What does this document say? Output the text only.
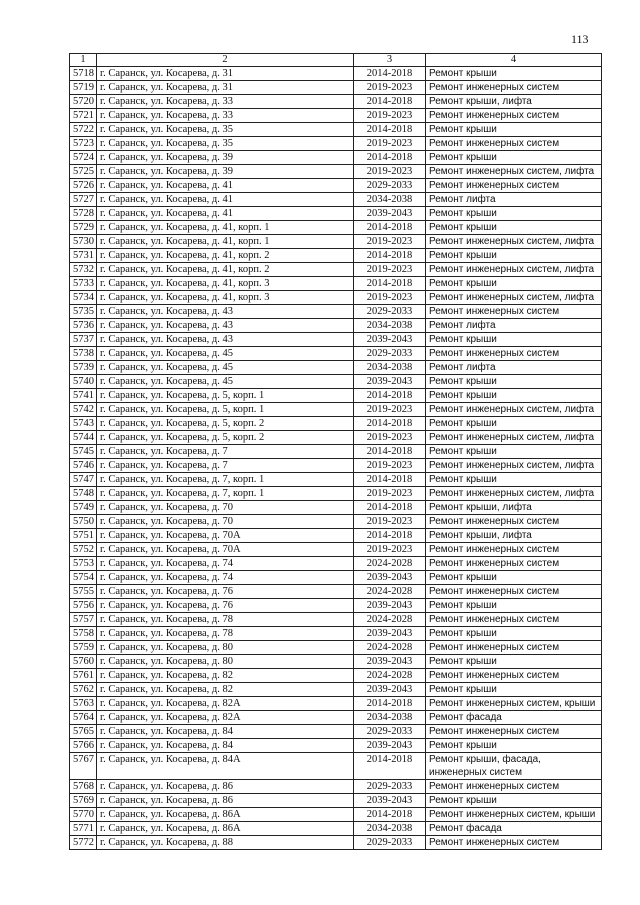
113
1	2	3	4
5718	г. Саранск, ул. Косарева, д. 31	2014-2018	Ремонт крыши
5719	г. Саранск, ул. Косарева, д. 31	2019-2023	Ремонт инженерных систем
5720	г. Саранск, ул. Косарева, д. 33	2014-2018	Ремонт крыши, лифта
5721	г. Саранск, ул. Косарева, д. 33	2019-2023	Ремонт инженерных систем
5722	г. Саранск, ул. Косарева, д. 35	2014-2018	Ремонт крыши
5723	г. Саранск, ул. Косарева, д. 35	2019-2023	Ремонт инженерных систем
5724	г. Саранск, ул. Косарева, д. 39	2014-2018	Ремонт крыши
5725	г. Саранск, ул. Косарева, д. 39	2019-2023	Ремонт инженерных систем, лифта
5726	г. Саранск, ул. Косарева, д. 41	2029-2033	Ремонт инженерных систем
5727	г. Саранск, ул. Косарева, д. 41	2034-2038	Ремонт лифта
5728	г. Саранск, ул. Косарева, д. 41	2039-2043	Ремонт крыши
5729	г. Саранск, ул. Косарева, д. 41, корп. 1	2014-2018	Ремонт крыши
5730	г. Саранск, ул. Косарева, д. 41, корп. 1	2019-2023	Ремонт инженерных систем, лифта
5731	г. Саранск, ул. Косарева, д. 41, корп. 2	2014-2018	Ремонт крыши
5732	г. Саранск, ул. Косарева, д. 41, корп. 2	2019-2023	Ремонт инженерных систем, лифта
5733	г. Саранск, ул. Косарева, д. 41, корп. 3	2014-2018	Ремонт крыши
5734	г. Саранск, ул. Косарева, д. 41, корп. 3	2019-2023	Ремонт инженерных систем, лифта
5735	г. Саранск, ул. Косарева, д. 43	2029-2033	Ремонт инженерных систем
5736	г. Саранск, ул. Косарева, д. 43	2034-2038	Ремонт лифта
5737	г. Саранск, ул. Косарева, д. 43	2039-2043	Ремонт крыши
5738	г. Саранск, ул. Косарева, д. 45	2029-2033	Ремонт инженерных систем
5739	г. Саранск, ул. Косарева, д. 45	2034-2038	Ремонт лифта
5740	г. Саранск, ул. Косарева, д. 45	2039-2043	Ремонт крыши
5741	г. Саранск, ул. Косарева, д. 5, корп. 1	2014-2018	Ремонт крыши
5742	г. Саранск, ул. Косарева, д. 5, корп. 1	2019-2023	Ремонт инженерных систем, лифта
5743	г. Саранск, ул. Косарева, д. 5, корп. 2	2014-2018	Ремонт крыши
5744	г. Саранск, ул. Косарева, д. 5, корп. 2	2019-2023	Ремонт инженерных систем, лифта
5745	г. Саранск, ул. Косарева, д. 7	2014-2018	Ремонт крыши
5746	г. Саранск, ул. Косарева, д. 7	2019-2023	Ремонт инженерных систем, лифта
5747	г. Саранск, ул. Косарева, д. 7, корп. 1	2014-2018	Ремонт крыши
5748	г. Саранск, ул. Косарева, д. 7, корп. 1	2019-2023	Ремонт инженерных систем, лифта
5749	г. Саранск, ул. Косарева, д. 70	2014-2018	Ремонт крыши, лифта
5750	г. Саранск, ул. Косарева, д. 70	2019-2023	Ремонт инженерных систем
5751	г. Саранск, ул. Косарева, д. 70А	2014-2018	Ремонт крыши, лифта
5752	г. Саранск, ул. Косарева, д. 70А	2019-2023	Ремонт инженерных систем
5753	г. Саранск, ул. Косарева, д. 74	2024-2028	Ремонт инженерных систем
5754	г. Саранск, ул. Косарева, д. 74	2039-2043	Ремонт крыши
5755	г. Саранск, ул. Косарева, д. 76	2024-2028	Ремонт инженерных систем
5756	г. Саранск, ул. Косарева, д. 76	2039-2043	Ремонт крыши
5757	г. Саранск, ул. Косарева, д. 78	2024-2028	Ремонт инженерных систем
5758	г. Саранск, ул. Косарева, д. 78	2039-2043	Ремонт крыши
5759	г. Саранск, ул. Косарева, д. 80	2024-2028	Ремонт инженерных систем
5760	г. Саранск, ул. Косарева, д. 80	2039-2043	Ремонт крыши
5761	г. Саранск, ул. Косарева, д. 82	2024-2028	Ремонт инженерных систем
5762	г. Саранск, ул. Косарева, д. 82	2039-2043	Ремонт крыши
5763	г. Саранск, ул. Косарева, д. 82А	2014-2018	Ремонт инженерных систем, крыши
5764	г. Саранск, ул. Косарева, д. 82А	2034-2038	Ремонт фасада
5765	г. Саранск, ул. Косарева, д. 84	2029-2033	Ремонт инженерных систем
5766	г. Саранск, ул. Косарева, д. 84	2039-2043	Ремонт крыши
5767	г. Саранск, ул. Косарева, д. 84А	2014-2018	Ремонт крыши, фасада, инженерных систем
5768	г. Саранск, ул. Косарева, д. 86	2029-2033	Ремонт инженерных систем
5769	г. Саранск, ул. Косарева, д. 86	2039-2043	Ремонт крыши
5770	г. Саранск, ул. Косарева, д. 86А	2014-2018	Ремонт инженерных систем, крыши
5771	г. Саранск, ул. Косарева, д. 86А	2034-2038	Ремонт фасада
5772	г. Саранск, ул. Косарева, д. 88	2029-2033	Ремонт инженерных систем
